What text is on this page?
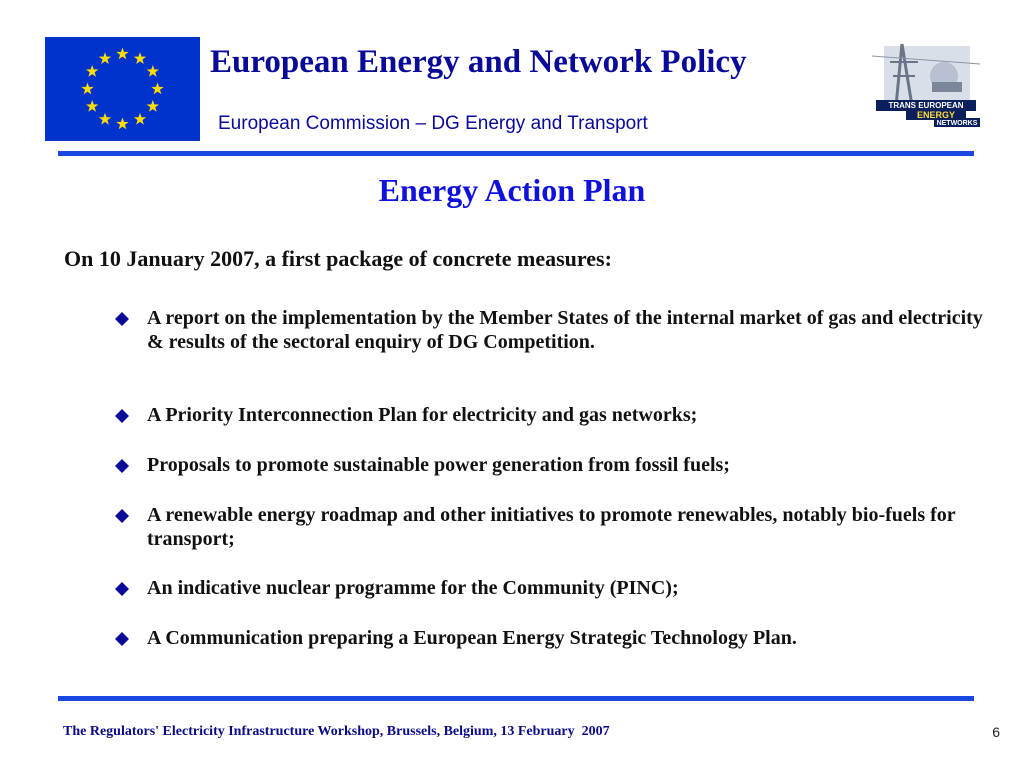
European Energy and Network Policy
European Commission – DG Energy and Transport
TRANS EUROPEAN
ENERGY
NETWORKS
Energy Action Plan
On 10 January 2007, a first package of concrete measures:
A report on the implementation by the Member States of the internal market of gas and electricity & results of the sectoral enquiry of DG Competition.
A Priority Interconnection Plan for electricity and gas networks;
Proposals to promote sustainable power generation from fossil fuels;
A renewable energy roadmap and other initiatives to promote renewables, notably bio-fuels for transport;
An indicative nuclear programme for the Community (PINC);
A Communication preparing a European Energy Strategic Technology Plan.
The Regulators' Electricity Infrastructure Workshop, Brussels, Belgium, 13 February  2007	6
